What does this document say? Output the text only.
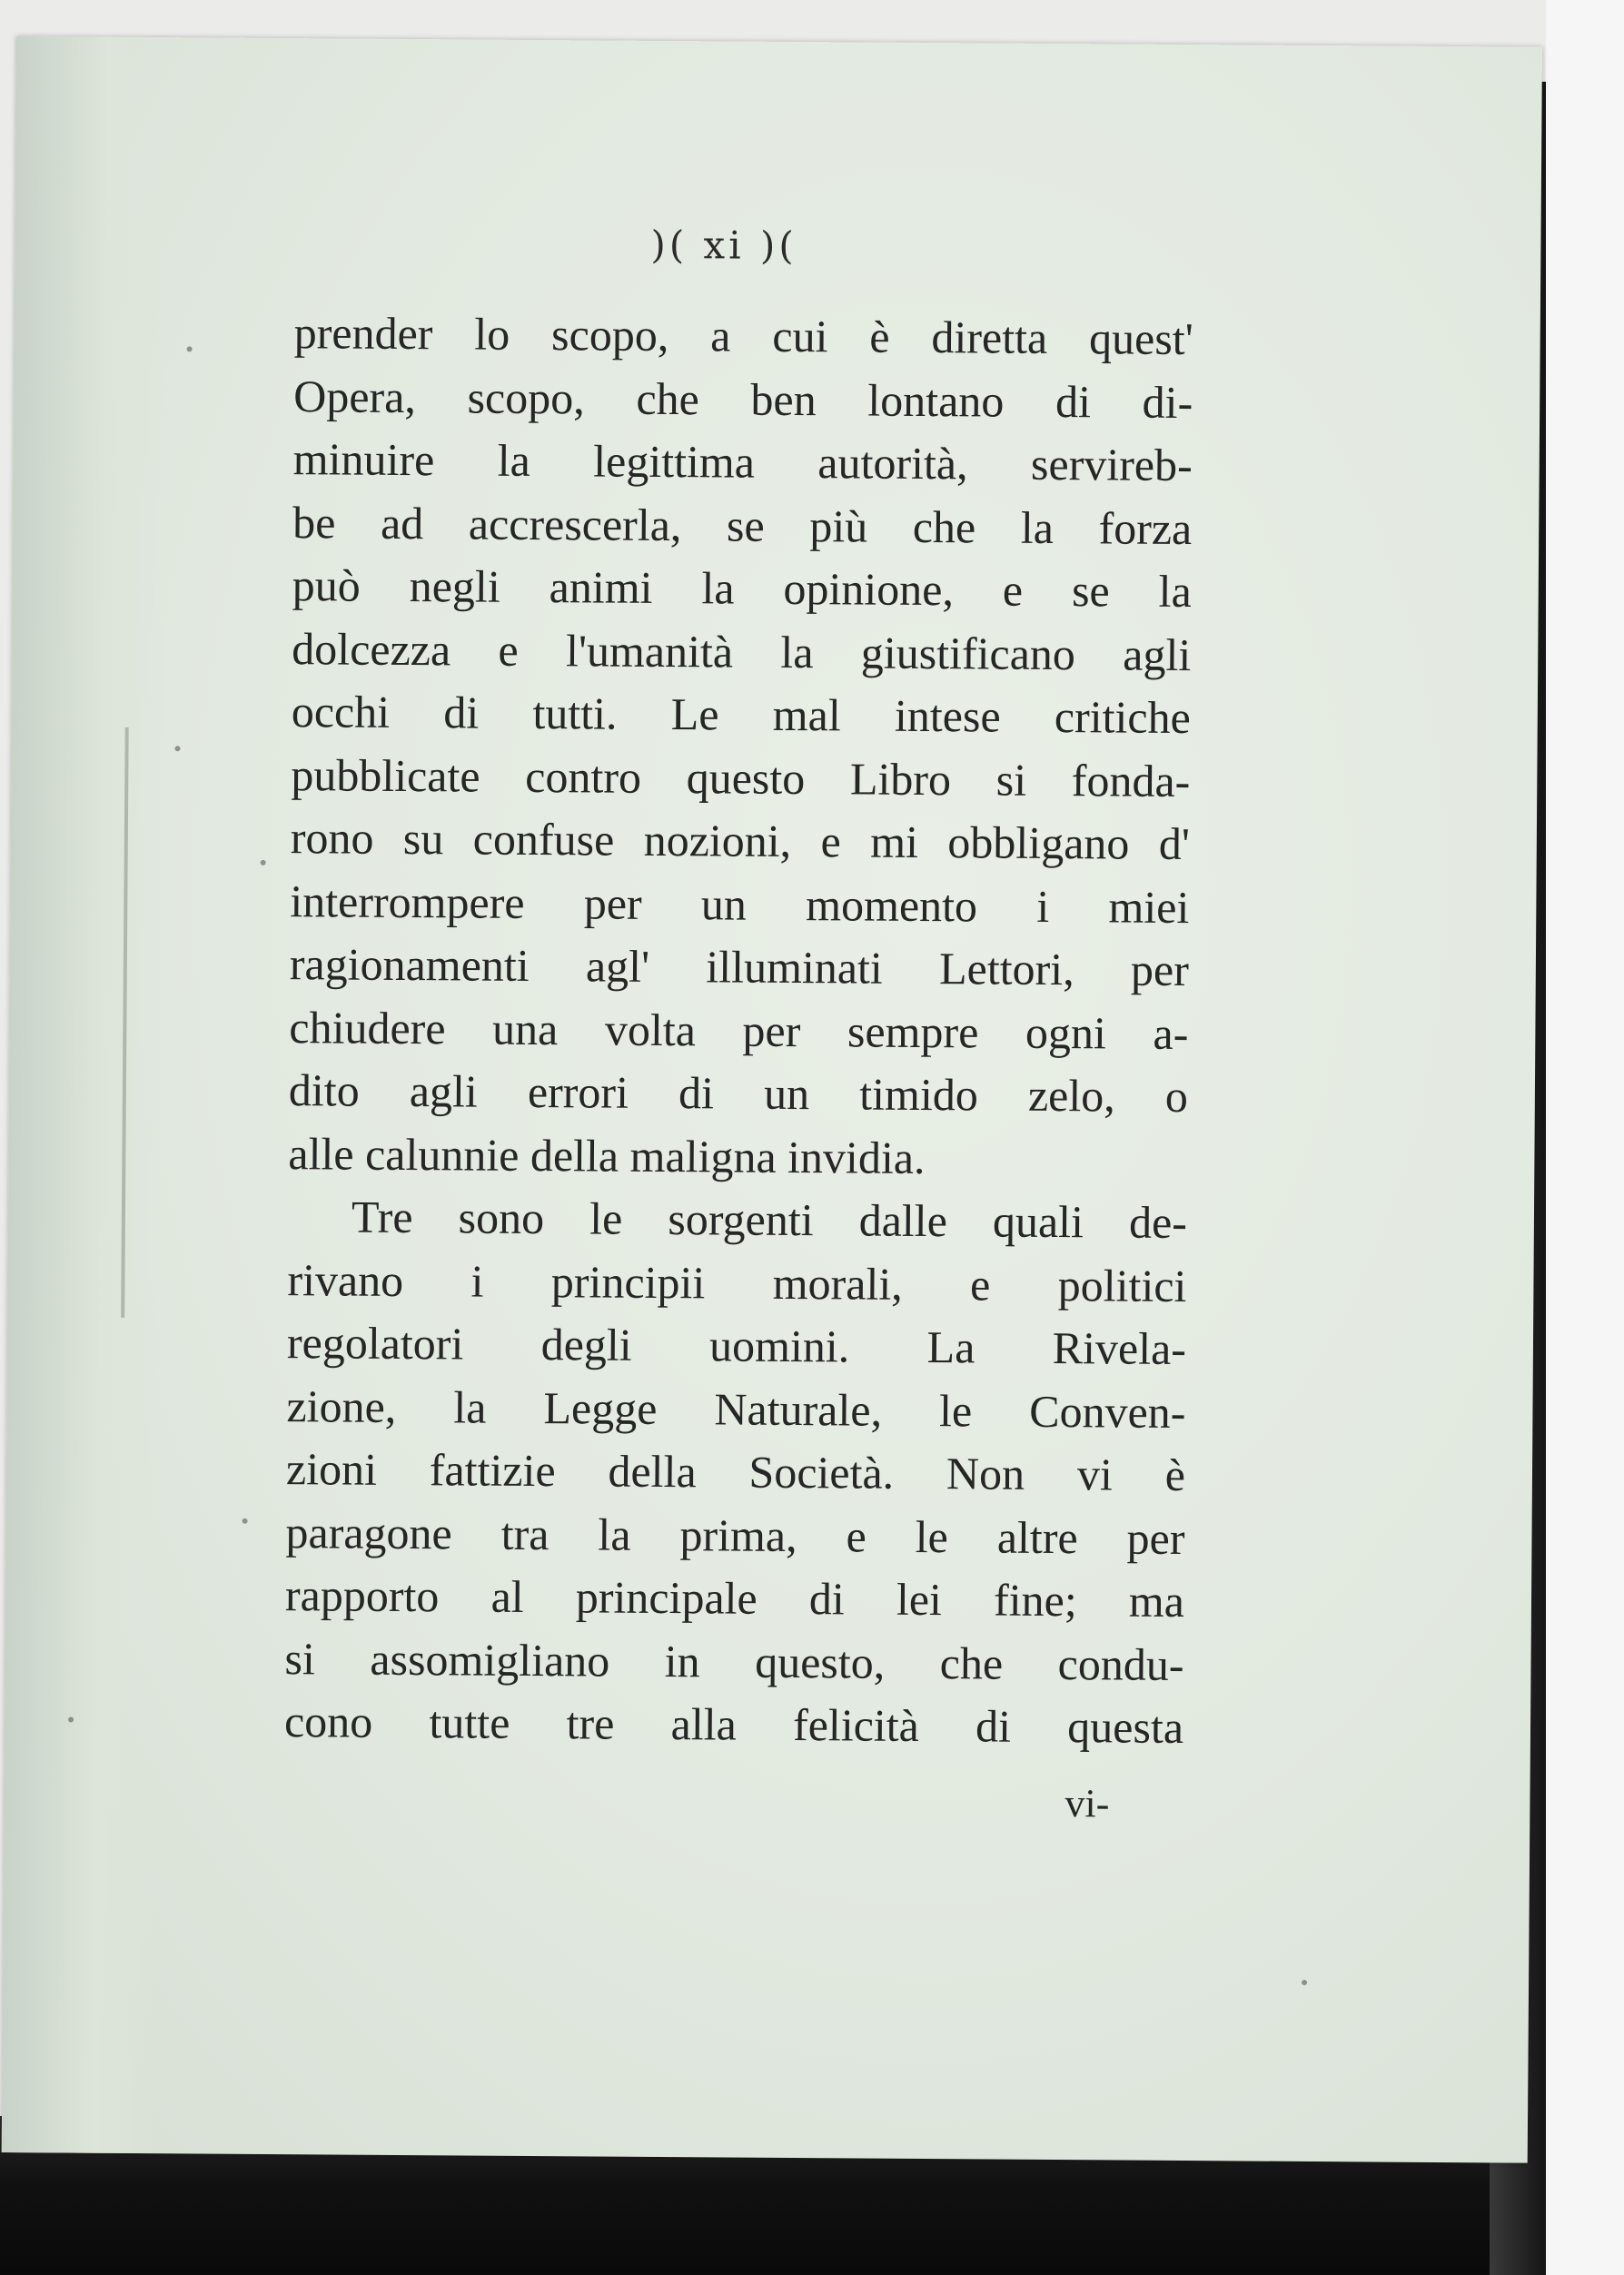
)( xi )(
prender lo scopo, a cui è diretta quest'
Opera, scopo, che ben lontano di di-
minuire la legittima autorità, servireb-
be ad accrescerla, se più che la forza
può negli animi la opinione, e se la
dolcezza e l'umanità la giustificano agli
occhi di tutti. Le mal intese critiche
pubblicate contro questo Libro si fonda-
rono su confuse nozioni, e mi obbligano d'
interrompere per un momento i miei
ragionamenti agl' illuminati Lettori, per
chiudere una volta per sempre ogni a-
dito agli errori di un timido zelo, o
alle calunnie della maligna invidia.
Tre sono le sorgenti dalle quali de-
rivano i principii morali, e politici
regolatori degli uomini. La Rivela-
zione, la Legge Naturale, le Conven-
zioni fattizie della Società. Non vi è
paragone tra la prima, e le altre per
rapporto al principale di lei fine; ma
si assomigliano in questo, che condu-
cono tutte tre alla felicità di questa
vi-
